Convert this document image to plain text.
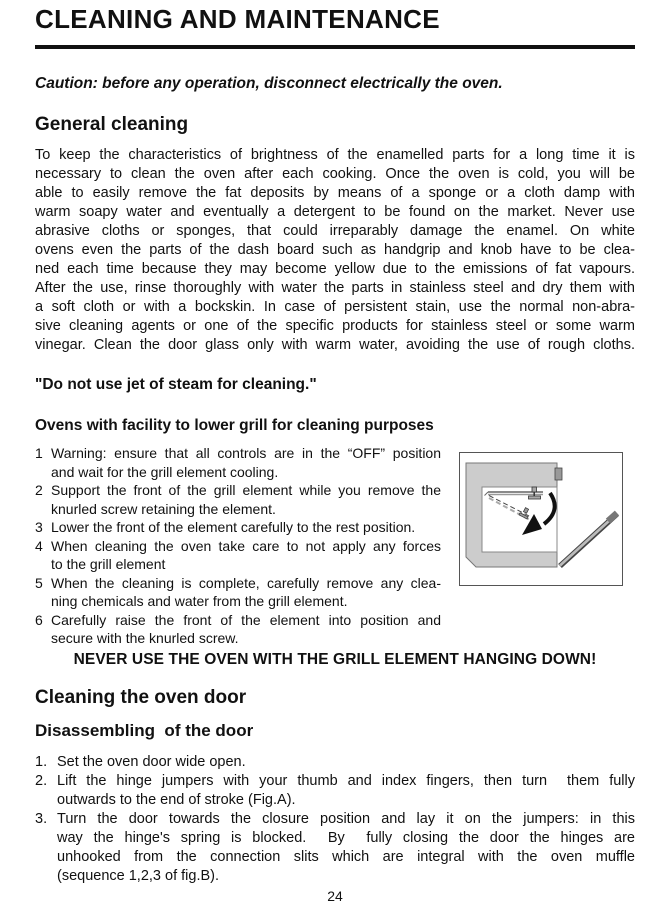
CLEANING AND MAINTENANCE
Caution: before any operation, disconnect electrically the oven.
General cleaning
To keep the characteristics of brightness of the enamelled parts for a long time it is
necessary to clean the oven after each cooking. Once the oven is cold, you will be
able to easily remove the fat deposits by means of a sponge or a cloth damp with
warm soapy water and eventually a detergent to be found on the market. Never use
abrasive cloths or sponges, that could irreparably damage the enamel. On white
ovens even the parts of the dash board such as handgrip and knob have to be clea-
ned each time because they may become yellow due to the emissions of fat vapours.
After the use, rinse thoroughly with water the parts in stainless steel and dry them with
a soft cloth or with a bockskin. In case of persistent stain, use the normal non-abra-
sive cleaning agents or one of the specific products for stainless steel or some warm
vinegar. Clean the door glass only with warm water, avoiding the use of rough cloths.
"Do not use jet of steam for cleaning."
Ovens with facility to lower grill for cleaning purposes
1 Warning: ensure that all controls are in the “OFF” position
and wait for the grill element cooling.
2 Support the front of the grill element while you remove the
knurled screw retaining the element.
3 Lower the front of the element carefully to the rest position.
4 When cleaning the oven take care to not apply any forces
to the grill element
5 When the cleaning is complete, carefully remove any clea-
ning chemicals and water from the grill element.
6 Carefully raise the front of the element into position and
secure with the knurled screw.
NEVER USE THE OVEN WITH THE GRILL ELEMENT HANGING DOWN!
Cleaning the oven door
Disassembling  of the door
1. Set the oven door wide open.
2. Lift the hinge jumpers with your thumb and index fingers, then turn  them fully
outwards to the end of stroke (Fig.A).
3. Turn the door towards the closure position and lay it on the jumpers: in this
way the hinge's spring is blocked.  By  fully closing the door the hinges are
unhooked from the connection slits which are integral with the oven muffle
(sequence 1,2,3 of fig.B).
24
